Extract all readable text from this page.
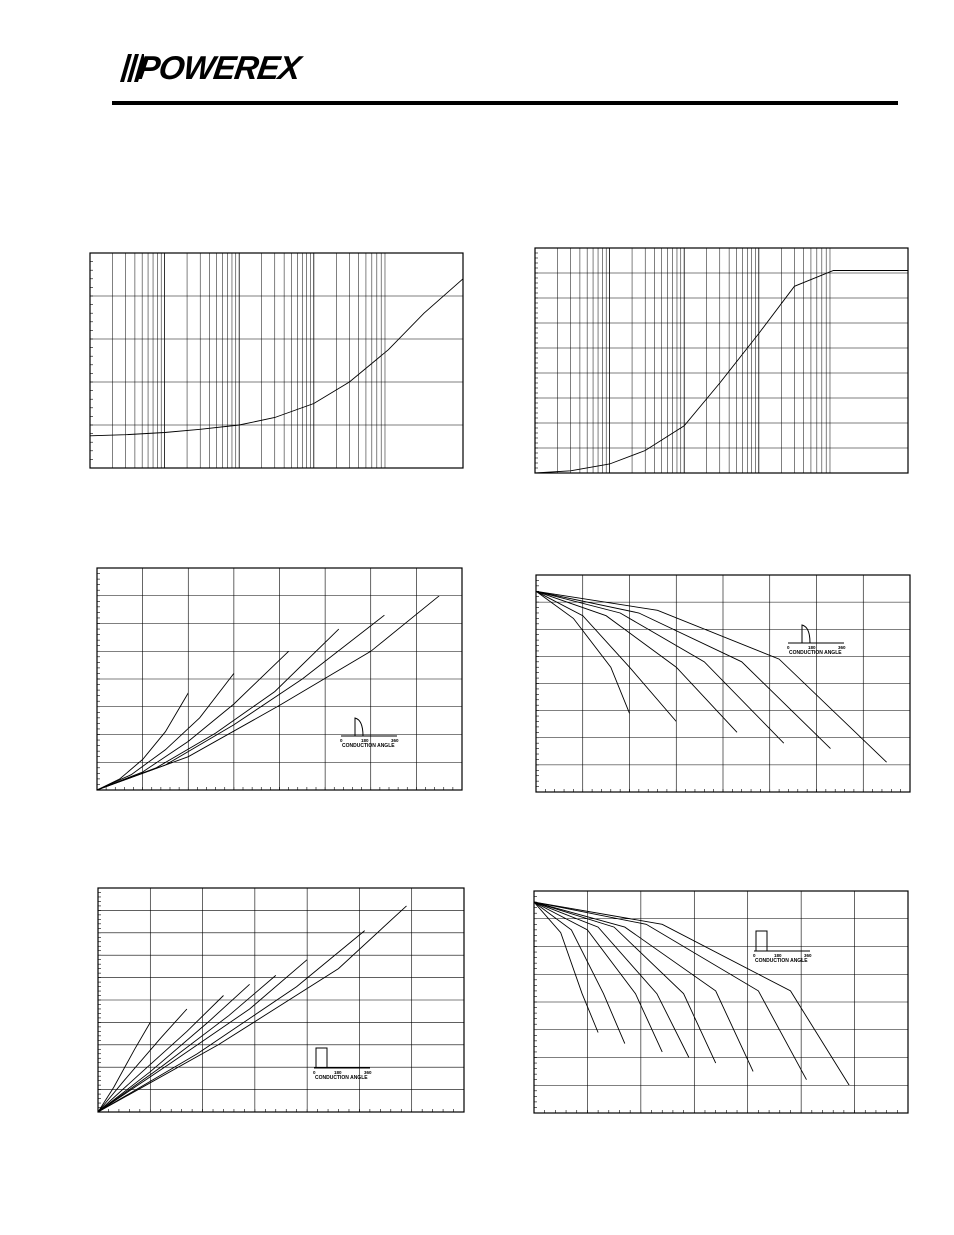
POWEREX
0	180	360
CONDUCTION ANGLE
0	180	360
CONDUCTION ANGLE
0	180	360
CONDUCTION ANGLE
0	180	360
CONDUCTION ANGLE
